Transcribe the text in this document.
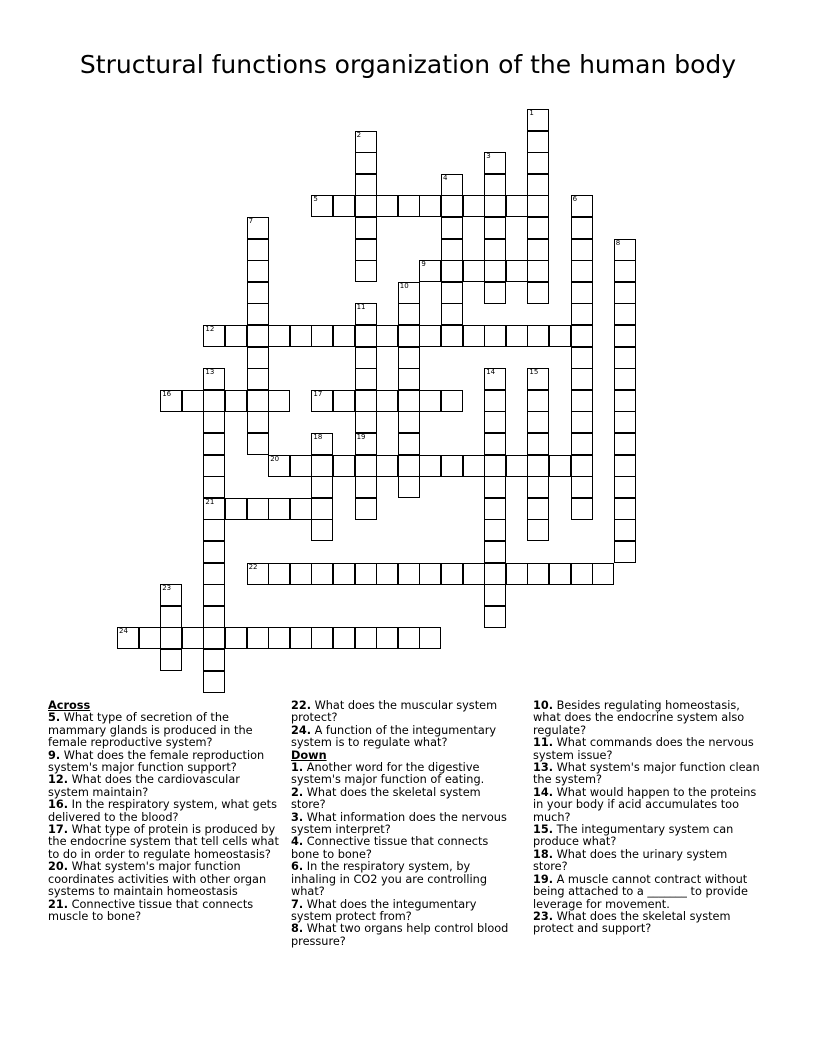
Structural functions organization of the human body
1
2
3
4
6
7
8
10
11
19
13
21
14	15
18
23
5
9
12
16	17
20
22
24
Across

5. What type of secretion of the mammary glands is produced in the female reproductive system?

9. What does the female reproduction system's major function support?

12. What does the cardiovascular system maintain?

16. In the respiratory system, what gets delivered to the blood?

17. What type of protein is produced by the endocrine system that tell cells what to do in order to regulate homeostasis?

20. What system's major function coordinates activities with other organ systems to maintain homeostasis

21. Connective tissue that connects muscle to bone?

22. What does the muscular system protect?

24. A function of the integumentary system is to regulate what?

Down

1. Another word for the digestive system's major function of eating.

2. What does the skeletal system store?

3. What information does the nervous system interpret?

4. Connective tissue that connects bone to bone?

6. In the respiratory system, by inhaling in CO2 you are controlling what?

7. What does the integumentary system protect from?

8. What two organs help control blood pressure?

10. Besides regulating homeostasis, what does the endocrine system also regulate?

11. What commands does the nervous system issue?

13. What system's major function clean the system?

14. What would happen to the proteins in your body if acid accumulates too much?

15. The integumentary system can produce what?

18. What does the urinary system store?

19. A muscle cannot contract without being attached to a _______ to provide leverage for movement.

23. What does the skeletal system protect and support?
